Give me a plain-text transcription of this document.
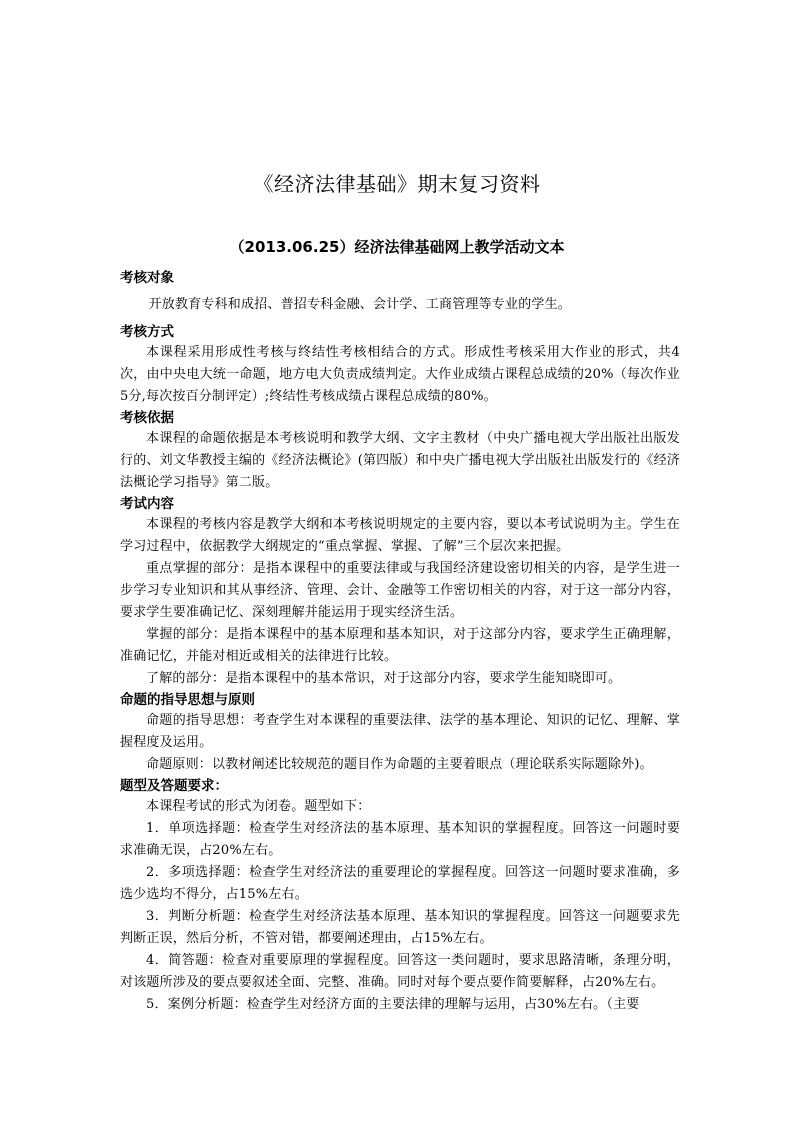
《经济法律基础》期末复习资料
（2013.06.25）经济法律基础网上教学活动文本
考核对象
开放教育专科和成招、普招专科金融、会计学、工商管理等专业的学生。
考核方式
本课程采用形成性考核与终结性考核相结合的方式。形成性考核采用大作业的形式，共4次，由中央电大统一命题，地方电大负责成绩判定。大作业成绩占课程总成绩的20%（每次作业5分,每次按百分制评定）;终结性考核成绩占课程总成绩的80%。
考核依据
本课程的命题依据是本考核说明和教学大纲、文字主教材（中央广播电视大学出版社出版发行的、刘文华教授主编的《经济法概论》(第四版）和中央广播电视大学出版社出版发行的《经济法概论学习指导》第二版。
考试内容
本课程的考核内容是教学大纲和本考核说明规定的主要内容，要以本考试说明为主。学生在学习过程中，依据教学大纲规定的“重点掌握、掌握、了解”三个层次来把握。
重点掌握的部分：是指本课程中的重要法律或与我国经济建设密切相关的内容，是学生进一步学习专业知识和其从事经济、管理、会计、金融等工作密切相关的内容，对于这一部分内容，要求学生要准确记忆、深刻理解并能运用于现实经济生活。
掌握的部分：是指本课程中的基本原理和基本知识，对于这部分内容，要求学生正确理解，准确记忆，并能对相近或相关的法律进行比较。
了解的部分：是指本课程中的基本常识，对于这部分内容，要求学生能知晓即可。
命题的指导思想与原则
命题的指导思想：考查学生对本课程的重要法律、法学的基本理论、知识的记忆、理解、掌握程度及运用。
命题原则：以教材阐述比较规范的题目作为命题的主要着眼点（理论联系实际题除外)。
题型及答题要求：
本课程考试的形式为闭卷。题型如下：
1．单项选择题：检查学生对经济法的基本原理、基本知识的掌握程度。回答这一问题时要求准确无误，占20%左右。
2．多项选择题：检查学生对经济法的重要理论的掌握程度。回答这一问题时要求准确，多选少选均不得分，占15%左右。
3．判断分析题：检查学生对经济法基本原理、基本知识的掌握程度。回答这一问题要求先判断正误，然后分析，不管对错，都要阐述理由，占15%左右。
4．简答题：检查对重要原理的掌握程度。回答这一类问题时，要求思路清晰，条理分明，对该题所涉及的要点要叙述全面、完整、准确。同时对每个要点要作简要解释，占20%左右。
5．案例分析题：检查学生对经济方面的主要法律的理解与运用，占30%左右。（主要
